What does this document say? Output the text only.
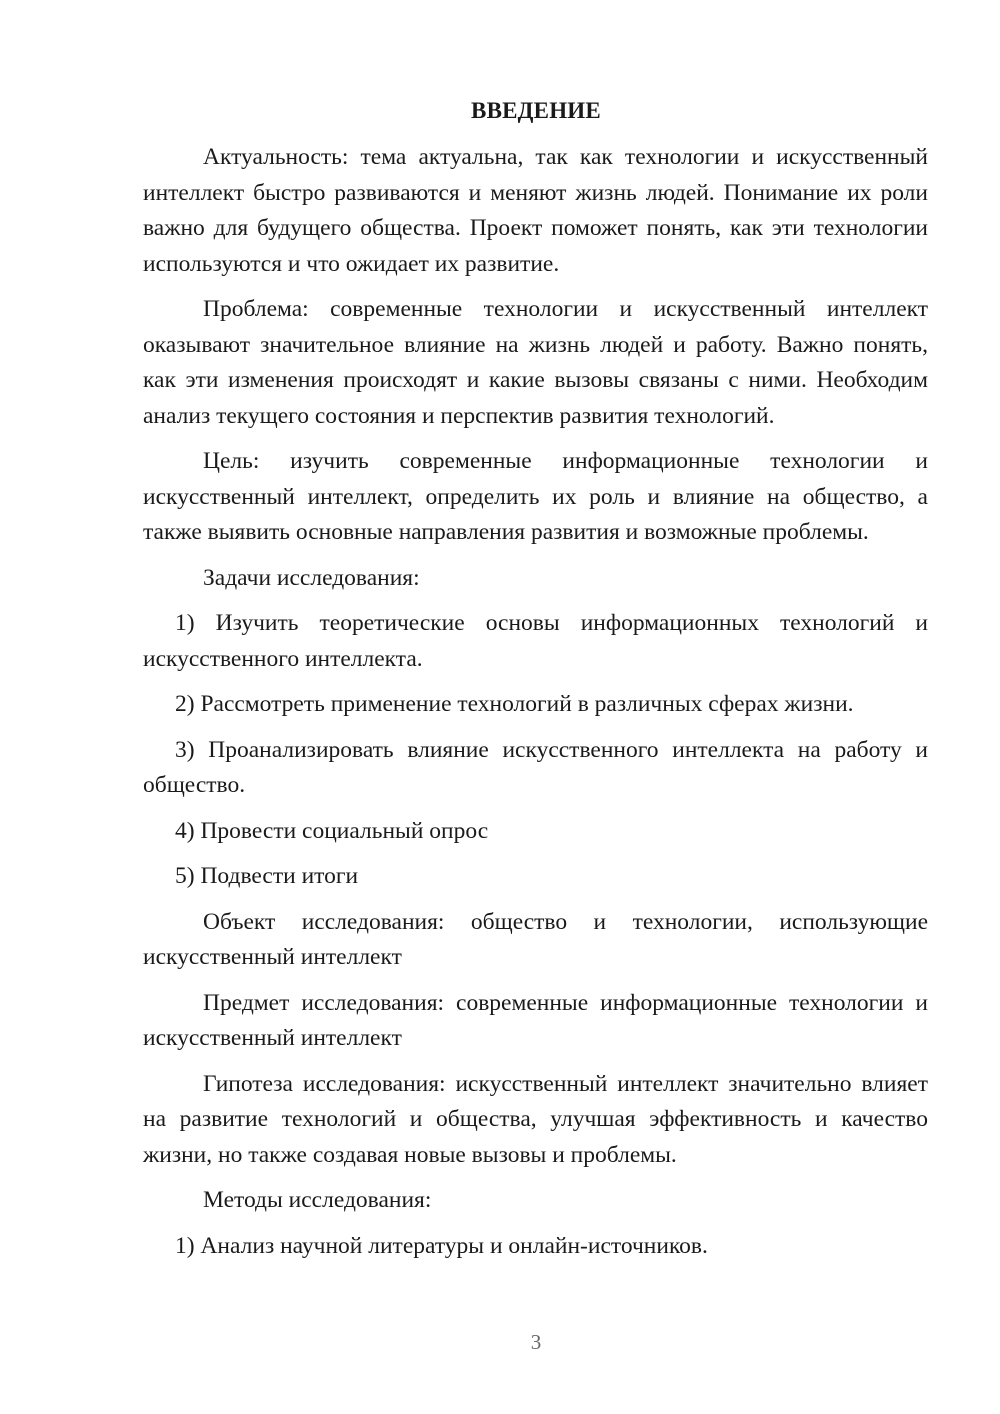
ВВЕДЕНИЕ

Актуальность: тема актуальна, так как технологии и искусственный интеллект быстро развиваются и меняют жизнь людей. Понимание их роли важно для будущего общества. Проект поможет понять, как эти технологии используются и что ожидает их развитие.

Проблема: современные технологии и искусственный интеллект оказывают значительное влияние на жизнь людей и работу. Важно понять, как эти изменения происходят и какие вызовы связаны с ними. Необходим анализ текущего состояния и перспектив развития технологий.

Цель: изучить современные информационные технологии и искусственный интеллект, определить их роль и влияние на общество, а также выявить основные направления развития и возможные проблемы.

Задачи исследования:

1) Изучить теоретические основы информационных технологий и искусственного интеллекта.

2) Рассмотреть применение технологий в различных сферах жизни.

3) Проанализировать влияние искусственного интеллекта на работу и общество.

4) Провести социальный опрос

5) Подвести итоги

Объект исследования: общество и технологии, использующие искусственный интеллект

Предмет исследования: современные информационные технологии и искусственный интеллект

Гипотеза исследования: искусственный интеллект значительно влияет на развитие технологий и общества, улучшая эффективность и качество жизни, но также создавая новые вызовы и проблемы.

Методы исследования:

1) Анализ научной литературы и онлайн-источников.

3
